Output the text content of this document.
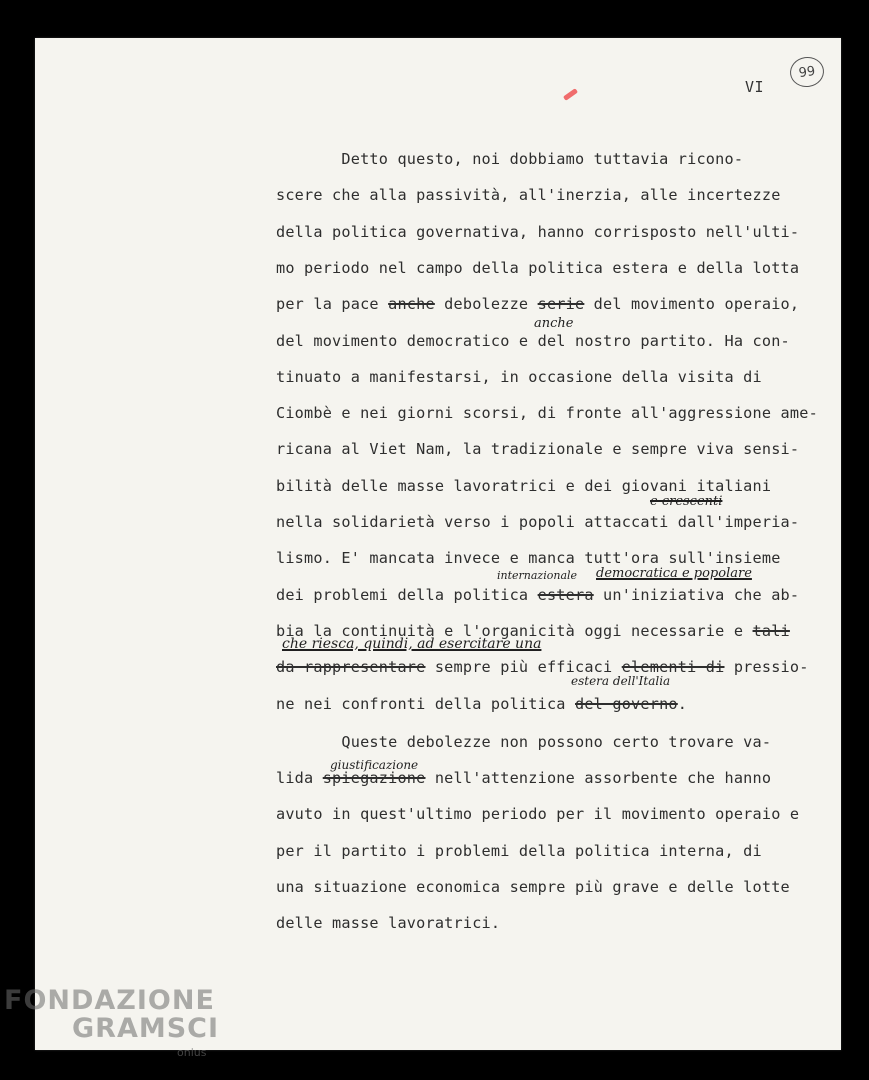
99
VI
Detto questo, noi dobbiamo tuttavia ricono-
scere che alla passività, all'inerzia, alle incertezze
della politica governativa, hanno corrisposto nell'ulti-
mo periodo nel campo della politica estera e della lotta
per la pace anche debolezze serie del movimento operaio,
del movimento democratico e del nostro partito. Ha con-
tinuato a manifestarsi, in occasione della visita di
Ciombè e nei giorni scorsi, di fronte all'aggressione ame-
ricana al Viet Nam, la tradizionale e sempre viva sensi-
bilità delle masse lavoratrici e dei giovani italiani
nella solidarietà verso i popoli attaccati dall'imperia-
lismo. E' mancata invece e manca tutt'ora sull'insieme
dei problemi della politica estera un'iniziativa che ab-
bia la continuità e l'organicità oggi necessarie e tali
da rappresentare sempre più efficaci elementi di pressio-
ne nei confronti della politica del governo.
Queste debolezze non possono certo trovare va-
lida spiegazione nell'attenzione assorbente che hanno
avuto in quest'ultimo periodo per il movimento operaio e
per il partito i problemi della politica interna, di
una situazione economica sempre più grave e delle lotte
delle masse lavoratrici.
anche
e crescenti
internazionale democratica e popolare
che riesca, quindi, ad esercitare una
estera dell'Italia
giustificazione
FONDAZIONE
GRAMSCI
onlus
